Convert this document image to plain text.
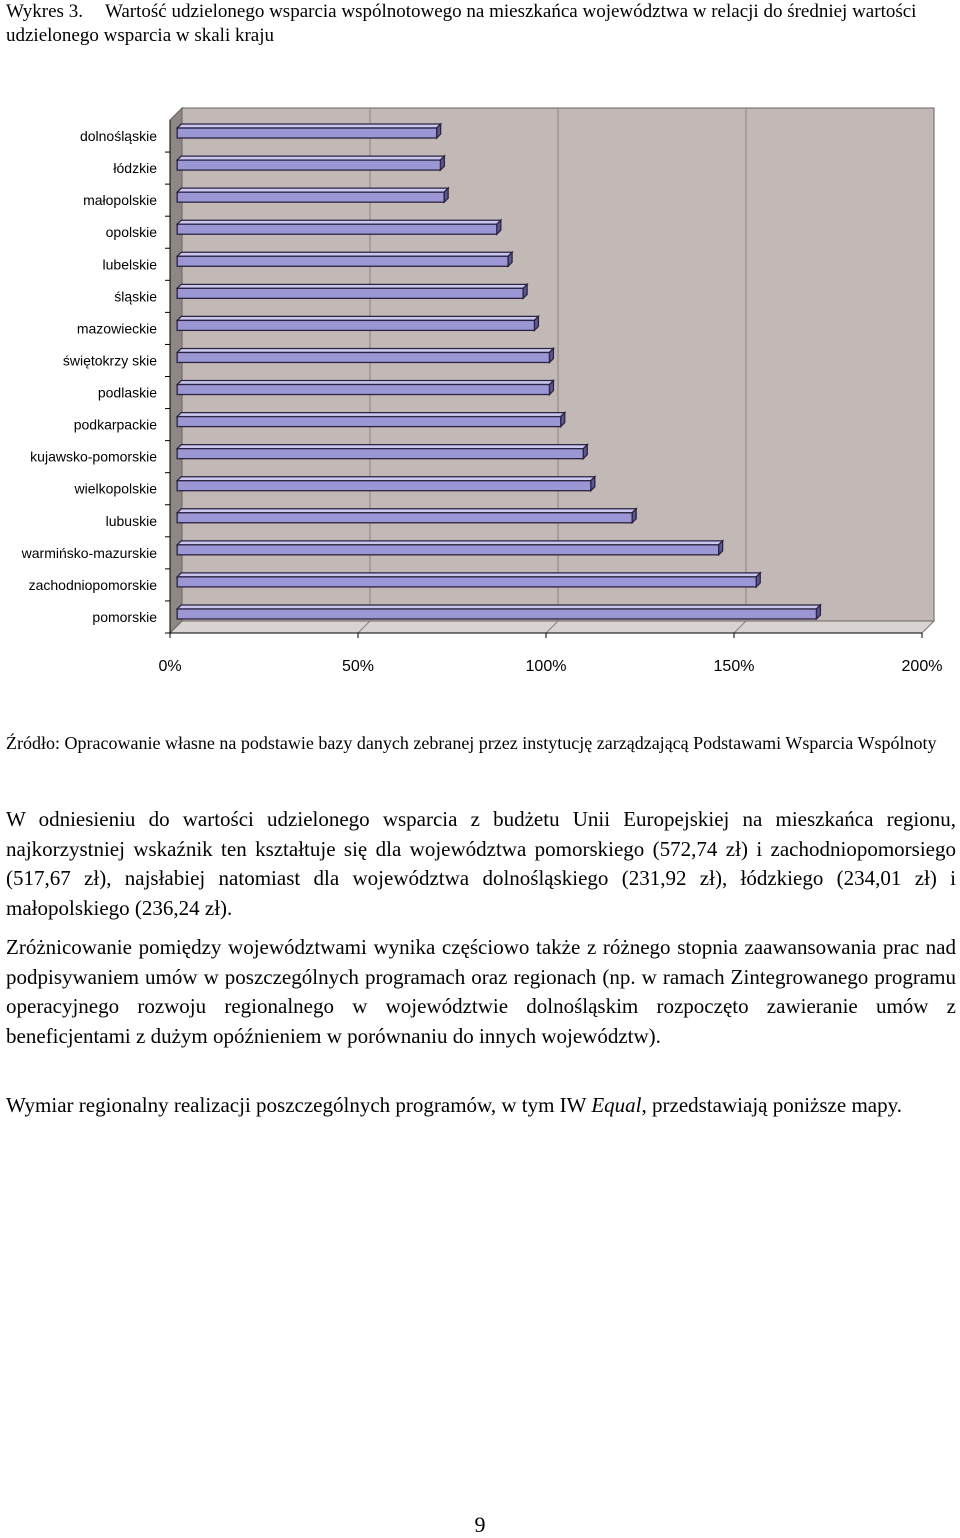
Wykres 3. Wartość udzielonego wsparcia wspólnotowego na mieszkańca województwa w relacji do średniej wartości udzielonego wsparcia w skali kraju
dolnośląskie
łódzkie
małopolskie
opolskie
lubelskie
śląskie
mazowieckie
świętokrzy skie
podlaskie
podkarpackie
kujawsko-pomorskie
wielkopolskie
lubuskie
warmińsko-mazurskie
zachodniopomorskie
pomorskie
0%	50%	100%	150%	200%
Źródło: Opracowanie własne na podstawie bazy danych zebranej przez instytucję zarządzającą Podstawami Wsparcia Wspólnoty

W odniesieniu do wartości udzielonego wsparcia z budżetu Unii Europejskiej na mieszkańca regionu, najkorzystniej wskaźnik ten kształtuje się dla województwa pomorskiego (572,74 zł) i zachodniopomorsiego (517,67 zł), najsłabiej natomiast dla województwa dolnośląskiego (231,92 zł), łódzkiego (234,01 zł) i małopolskiego (236,24 zł).

Zróżnicowanie pomiędzy województwami wynika częściowo także z różnego stopnia zaawansowania prac nad podpisywaniem umów w poszczególnych programach oraz regionach (np. w ramach Zintegrowanego programu operacyjnego rozwoju regionalnego w województwie dolnośląskim rozpoczęto zawieranie umów z beneficjentami z dużym opóźnieniem w porównaniu do innych województw).

Wymiar regionalny realizacji poszczególnych programów, w tym IW Equal, przedstawiają poniższe mapy.

9
